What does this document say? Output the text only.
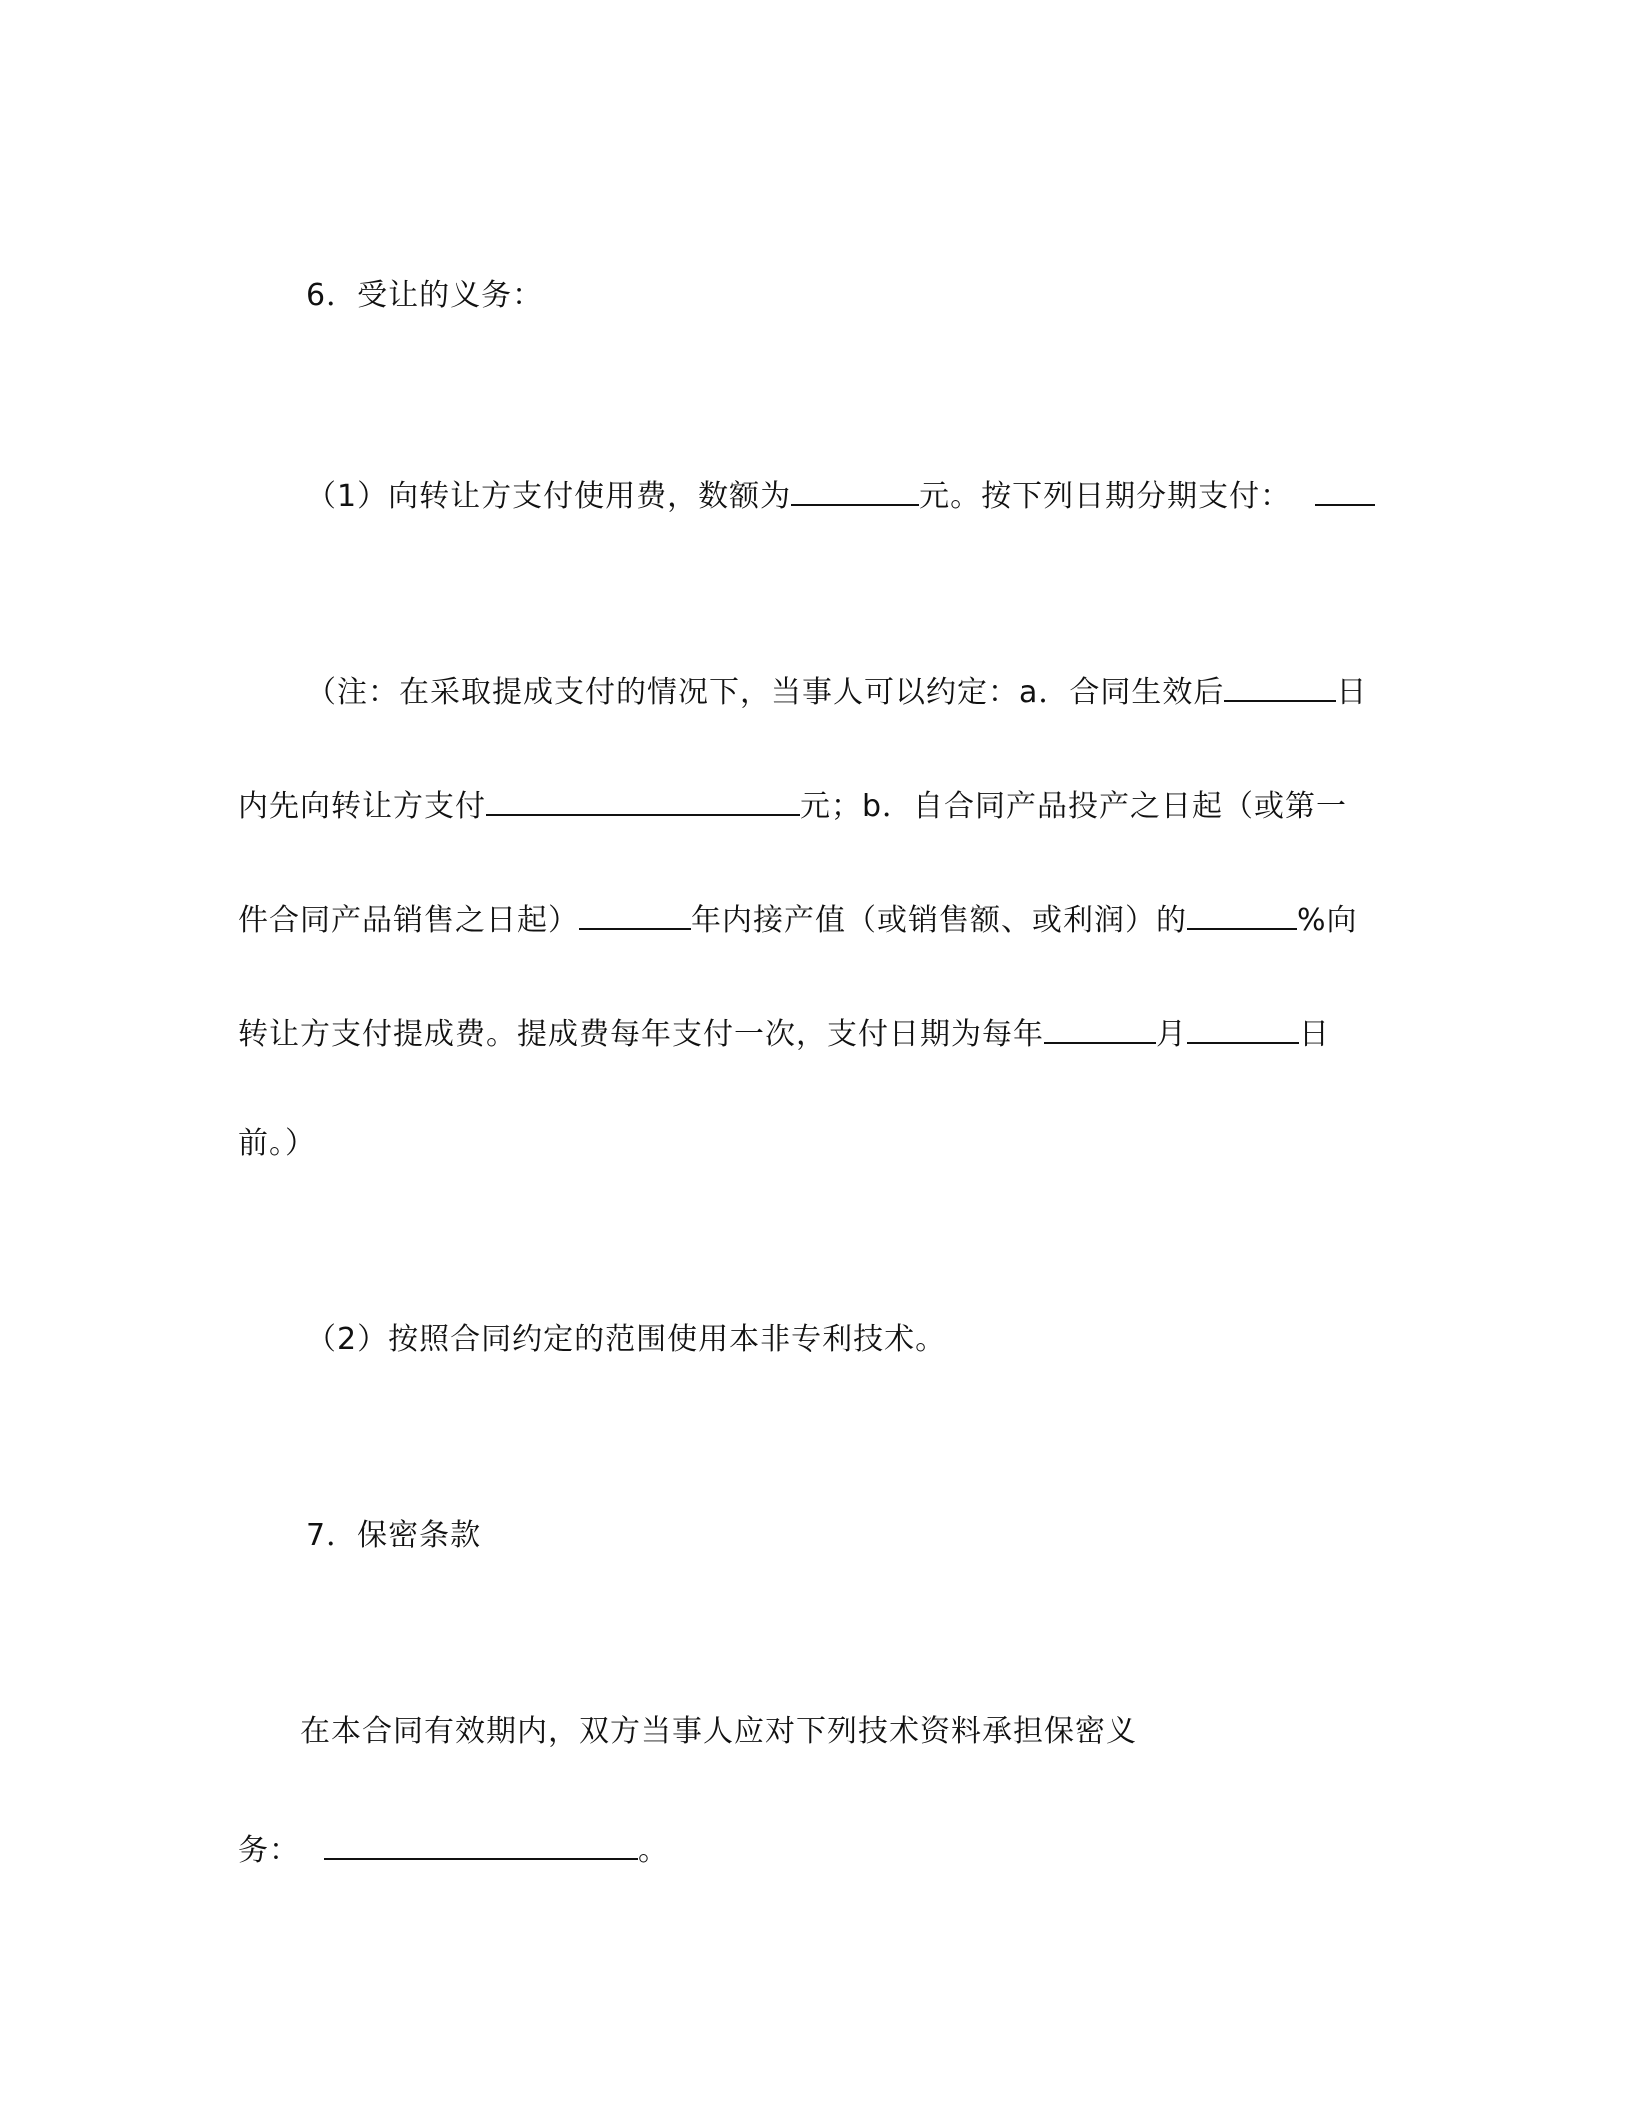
6．受让的义务：
（1）向转让方支付使用费，数额为	元。按下列日期分期支付：
（注：在采取提成支付的情况下，当事人可以约定：a．合同生效后	日
内先向转让方支付	元；b．自合同产品投产之日起（或第一
件合同产品销售之日起）	年内接产值（或销售额、或利润）的	%向
转让方支付提成费。提成费每年支付一次，支付日期为每年	月	日
前。）
（2）按照合同约定的范围使用本非专利技术。
7．保密条款
在本合同有效期内，双方当事人应对下列技术资料承担保密义
务：	。
